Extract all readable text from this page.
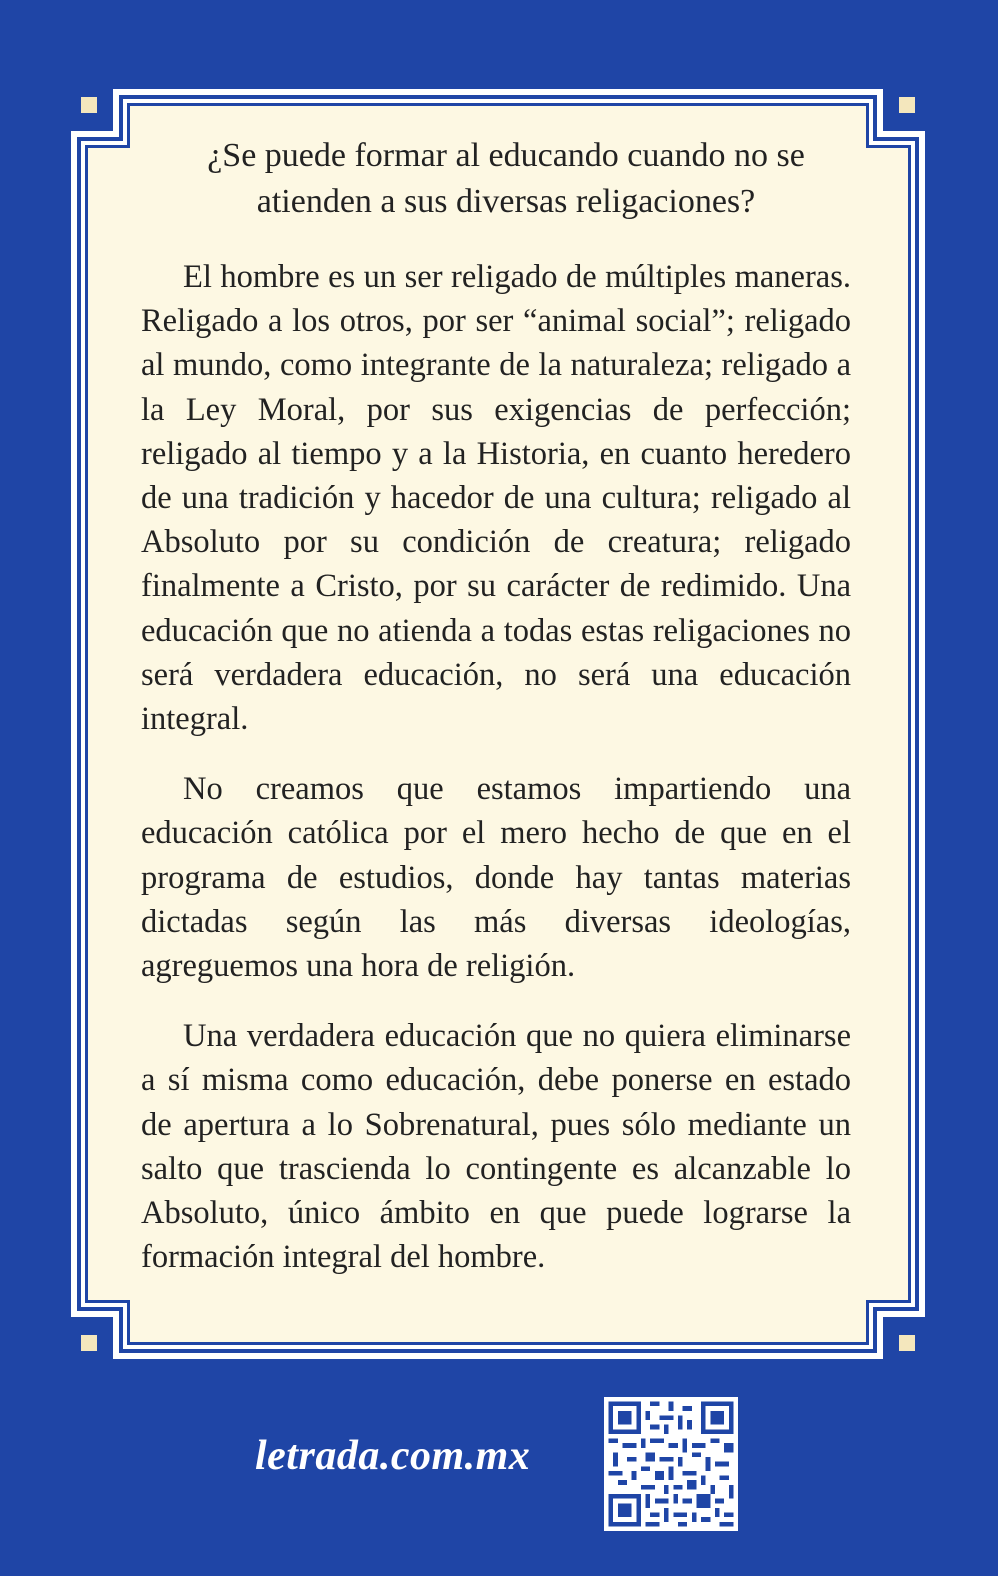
¿Se puede formar al educando cuando no se atienden a sus diversas religaciones?

El hombre es un ser religado de múltiples maneras. Religado a los otros, por ser “animal social”; religado al mundo, como integrante de la naturaleza; religado a la Ley Moral, por sus exigencias de perfección; religado al tiempo y a la Historia, en cuanto heredero de una tradición y hacedor de una cultura; religado al Absoluto por su condición de creatura; religado finalmente a Cristo, por su carácter de redimido. Una educación que no atienda a todas estas religaciones no será verdadera educación, no será una educación integral.

No creamos que estamos impartiendo una educación católica por el mero hecho de que en el programa de estudios, donde hay tantas materias dictadas según las más diversas ideologías, agreguemos una hora de religión.

Una verdadera educación que no quiera eliminarse a sí misma como educación, debe ponerse en estado de apertura a lo Sobrenatural, pues sólo mediante un salto que trascienda lo contingente es alcanzable lo Absoluto, único ámbito en que puede lograrse la formación integral del hombre.

letrada.com.mx
